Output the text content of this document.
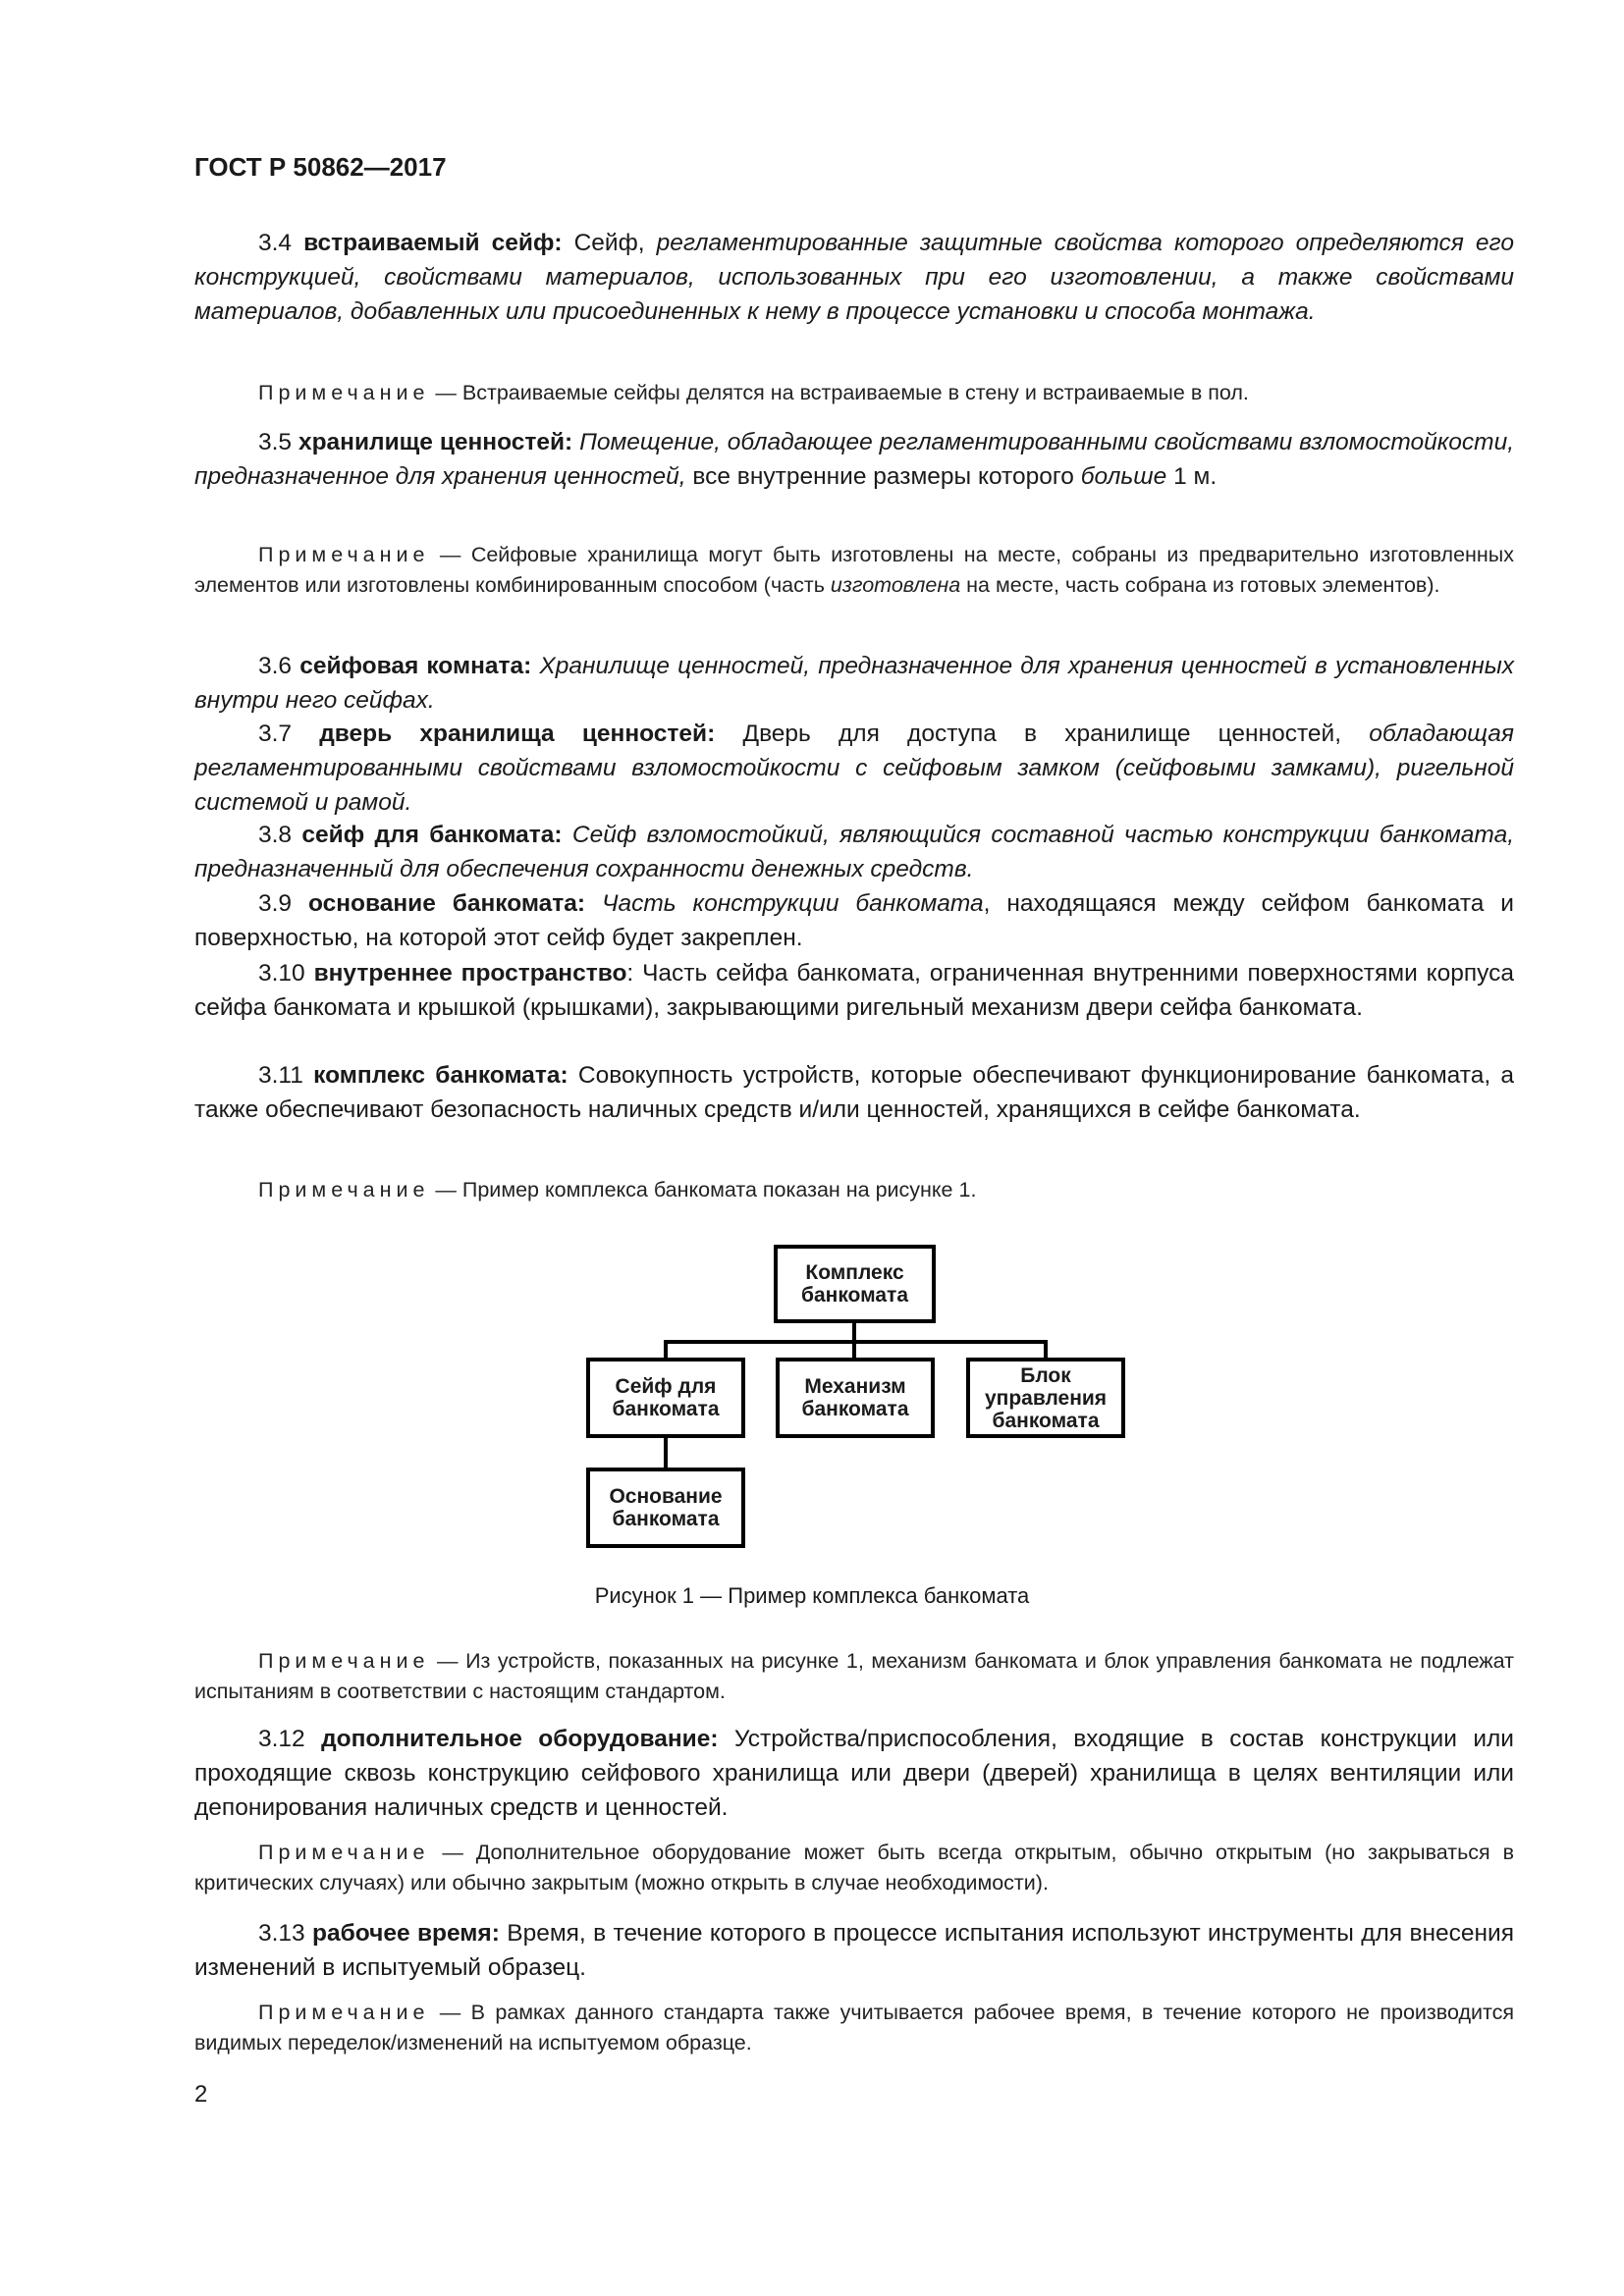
ГОСТ Р 50862—2017
3.4 встраиваемый сейф: Сейф, регламентированные защитные свойства которого определяются его конструкцией, свойствами материалов, использованных при его изготовлении, а также свойствами материалов, добавленных или присоединенных к нему в процессе установки и способа монтажа.
Примечание — Встраиваемые сейфы делятся на встраиваемые в стену и встраиваемые в пол.
3.5 хранилище ценностей: Помещение, обладающее регламентированными свойствами взломостойкости, предназначенное для хранения ценностей, все внутренние размеры которого больше 1 м.
Примечание — Сейфовые хранилища могут быть изготовлены на месте, собраны из предварительно изготовленных элементов или изготовлены комбинированным способом (часть изготовлена на месте, часть собрана из готовых элементов).
3.6 сейфовая комната: Хранилище ценностей, предназначенное для хранения ценностей в установленных внутри него сейфах.
3.7 дверь хранилища ценностей: Дверь для доступа в хранилище ценностей, обладающая регламентированными свойствами взломостойкости с сейфовым замком (сейфовыми замками), ригельной системой и рамой.
3.8 сейф для банкомата: Сейф взломостойкий, являющийся составной частью конструкции банкомата, предназначенный для обеспечения сохранности денежных средств.
3.9 основание банкомата: Часть конструкции банкомата, находящаяся между сейфом банкомата и поверхностью, на которой этот сейф будет закреплен.
3.10 внутреннее пространство: Часть сейфа банкомата, ограниченная внутренними поверхностями корпуса сейфа банкомата и крышкой (крышками), закрывающими ригельный механизм двери сейфа банкомата.
3.11 комплекс банкомата: Совокупность устройств, которые обеспечивают функционирование банкомата, а также обеспечивают безопасность наличных средств и/или ценностей, хранящихся в сейфе банкомата.
Примечание — Пример комплекса банкомата показан на рисунке 1.
Комплекс банкомата
Сейф для банкомата
Механизм банкомата
Блок управления банкомата
Основание банкомата
Рисунок 1 — Пример комплекса банкомата
Примечание — Из устройств, показанных на рисунке 1, механизм банкомата и блок управления банкомата не подлежат испытаниям в соответствии с настоящим стандартом.
3.12 дополнительное оборудование: Устройства/приспособления, входящие в состав конструкции или проходящие сквозь конструкцию сейфового хранилища или двери (дверей) хранилища в целях вентиляции или депонирования наличных средств и ценностей.
Примечание — Дополнительное оборудование может быть всегда открытым, обычно открытым (но закрываться в критических случаях) или обычно закрытым (можно открыть в случае необходимости).
3.13 рабочее время: Время, в течение которого в процессе испытания используют инструменты для внесения изменений в испытуемый образец.
Примечание — В рамках данного стандарта также учитывается рабочее время, в течение которого не производится видимых переделок/изменений на испытуемом образце.
2
